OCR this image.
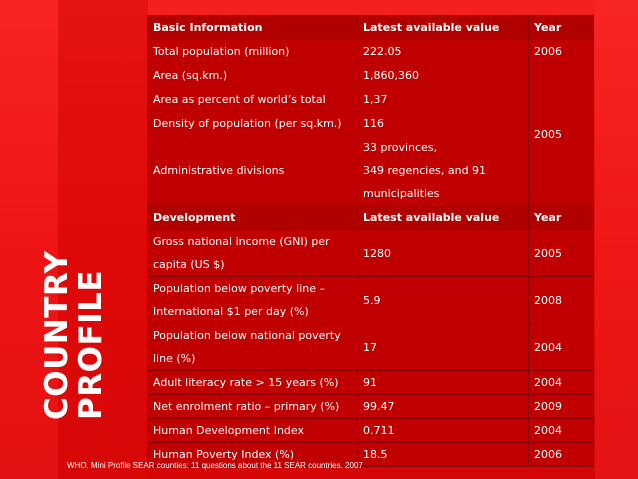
COUNTRY
PROFILE
Basic Information	Latest available value	Year
Total population (million)	222.05	2006
Area (sq.km.)	1,860,360	2005
Area as percent of world’s total	1,37	
Density of population (per sq.km.)	116	
Administrative divisions	33 provinces,
349 regencies, and 91
municipalities	

Development	Latest available value	Year

Gross national income (GNI) per
capita (US $)	1280	2005

Population below poverty line –
International $1 per day (%)	5.9	2008

Population below national poverty
line (%)	17	2004
Adult literacy rate > 15 years (%)	91	2004
Net enrolment ratio – primary (%)	99.47	2009
Human Development Index	0.711	2004
Human Poverty Index (%)	18.5	2006
WHO. Mini Profile SEAR counties: 11 questions about the 11 SEAR countries. 2007
